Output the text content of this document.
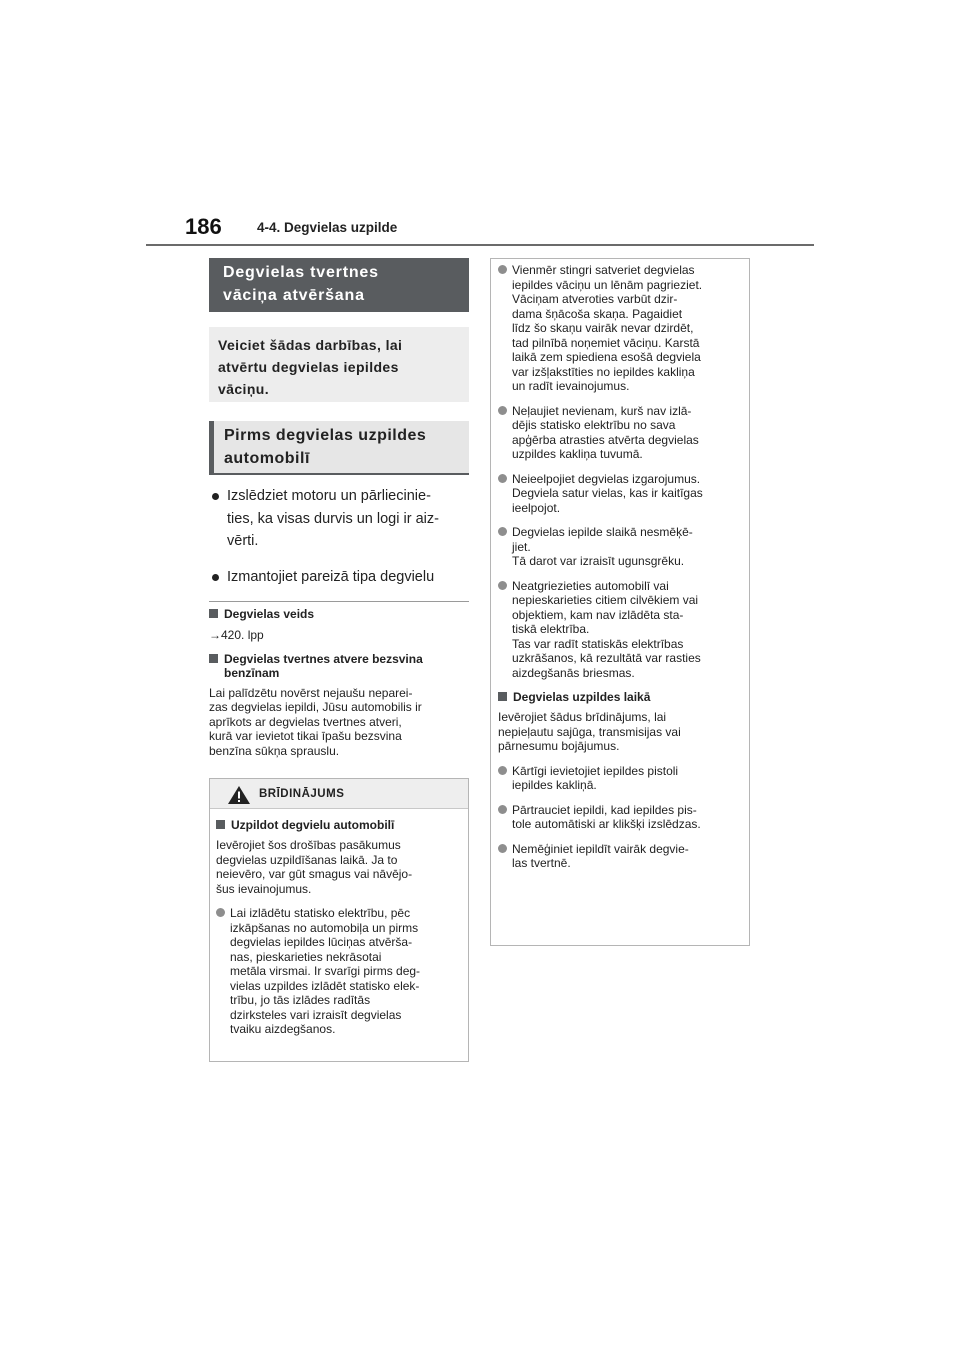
186	4-4. Degvielas uzpilde
Degvielas tvertnes
vāciņa atvēršana
Veiciet šādas darbības, lai
atvērtu degvielas iepildes
vāciņu.
Pirms degvielas uzpildes
automobilī
Izslēdziet motoru un pārliecinie-
ties, ka visas durvis un logi ir aiz-
vērti.
Izmantojiet pareizā tipa degvielu
Degvielas veids
→420. lpp
Degvielas tvertnes atvere bezsvina
benzīnam
Lai palīdzētu novērst nejaušu neparei-
zas degvielas iepildi, Jūsu automobilis ir
aprīkots ar degvielas tvertnes atveri,
kurā var ievietot tikai īpašu bezsvina
benzīna sūkņa sprauslu.
BRĪDINĀJUMS
Uzpildot degvielu automobilī
Ievērojiet šos drošības pasākumus
degvielas uzpildīšanas laikā. Ja to
neievēro, var gūt smagus vai nāvējo-
šus ievainojumus.
Lai izlādētu statisko elektrību, pēc
izkāpšanas no automobiļa un pirms
degvielas iepildes lūciņas atvērša-
nas, pieskarieties nekrāsotai
metāla virsmai. Ir svarīgi pirms deg-
vielas uzpildes izlādēt statisko elek-
trību, jo tās izlādes radītās
dzirksteles vari izraisīt degvielas
tvaiku aizdegšanos.
Vienmēr stingri satveriet degvielas
iepildes vāciņu un lēnām pagrieziet.
Vāciņam atveroties varbūt dzir-
dama šņācoša skaņa. Pagaidiet
līdz šo skaņu vairāk nevar dzirdēt,
tad pilnībā noņemiet vāciņu. Karstā
laikā zem spiediena esošā degviela
var izšļakstīties no iepildes kakliņa
un radīt ievainojumus.
Neļaujiet nevienam, kurš nav izlā-
dējis statisko elektrību no sava
apģērba atrasties atvērta degvielas
uzpildes kakliņa tuvumā.
Neieelpojiet degvielas izgarojumus.
Degviela satur vielas, kas ir kaitīgas
ieelpojot.
Degvielas iepilde slaikā nesmēķē-
jiet.
Tā darot var izraisīt ugunsgrēku.
Neatgriezieties automobilī vai
nepieskarieties citiem cilvēkiem vai
objektiem, kam nav izlādēta sta-
tiskā elektrība.
Tas var radīt statiskās elektrības
uzkrāšanos, kā rezultātā var rasties
aizdegšanās briesmas.
Degvielas uzpildes laikā
Ievērojiet šādus brīdinājums, lai
nepieļautu sajūga, transmisijas vai
pārnesumu bojājumus.
Kārtīgi ievietojiet iepildes pistoli
iepildes kakliņā.
Pārtrauciet iepildi, kad iepildes pis-
tole automātiski ar klikšķi izslēdzas.
Nemēģiniet iepildīt vairāk degvie-
las tvertnē.
